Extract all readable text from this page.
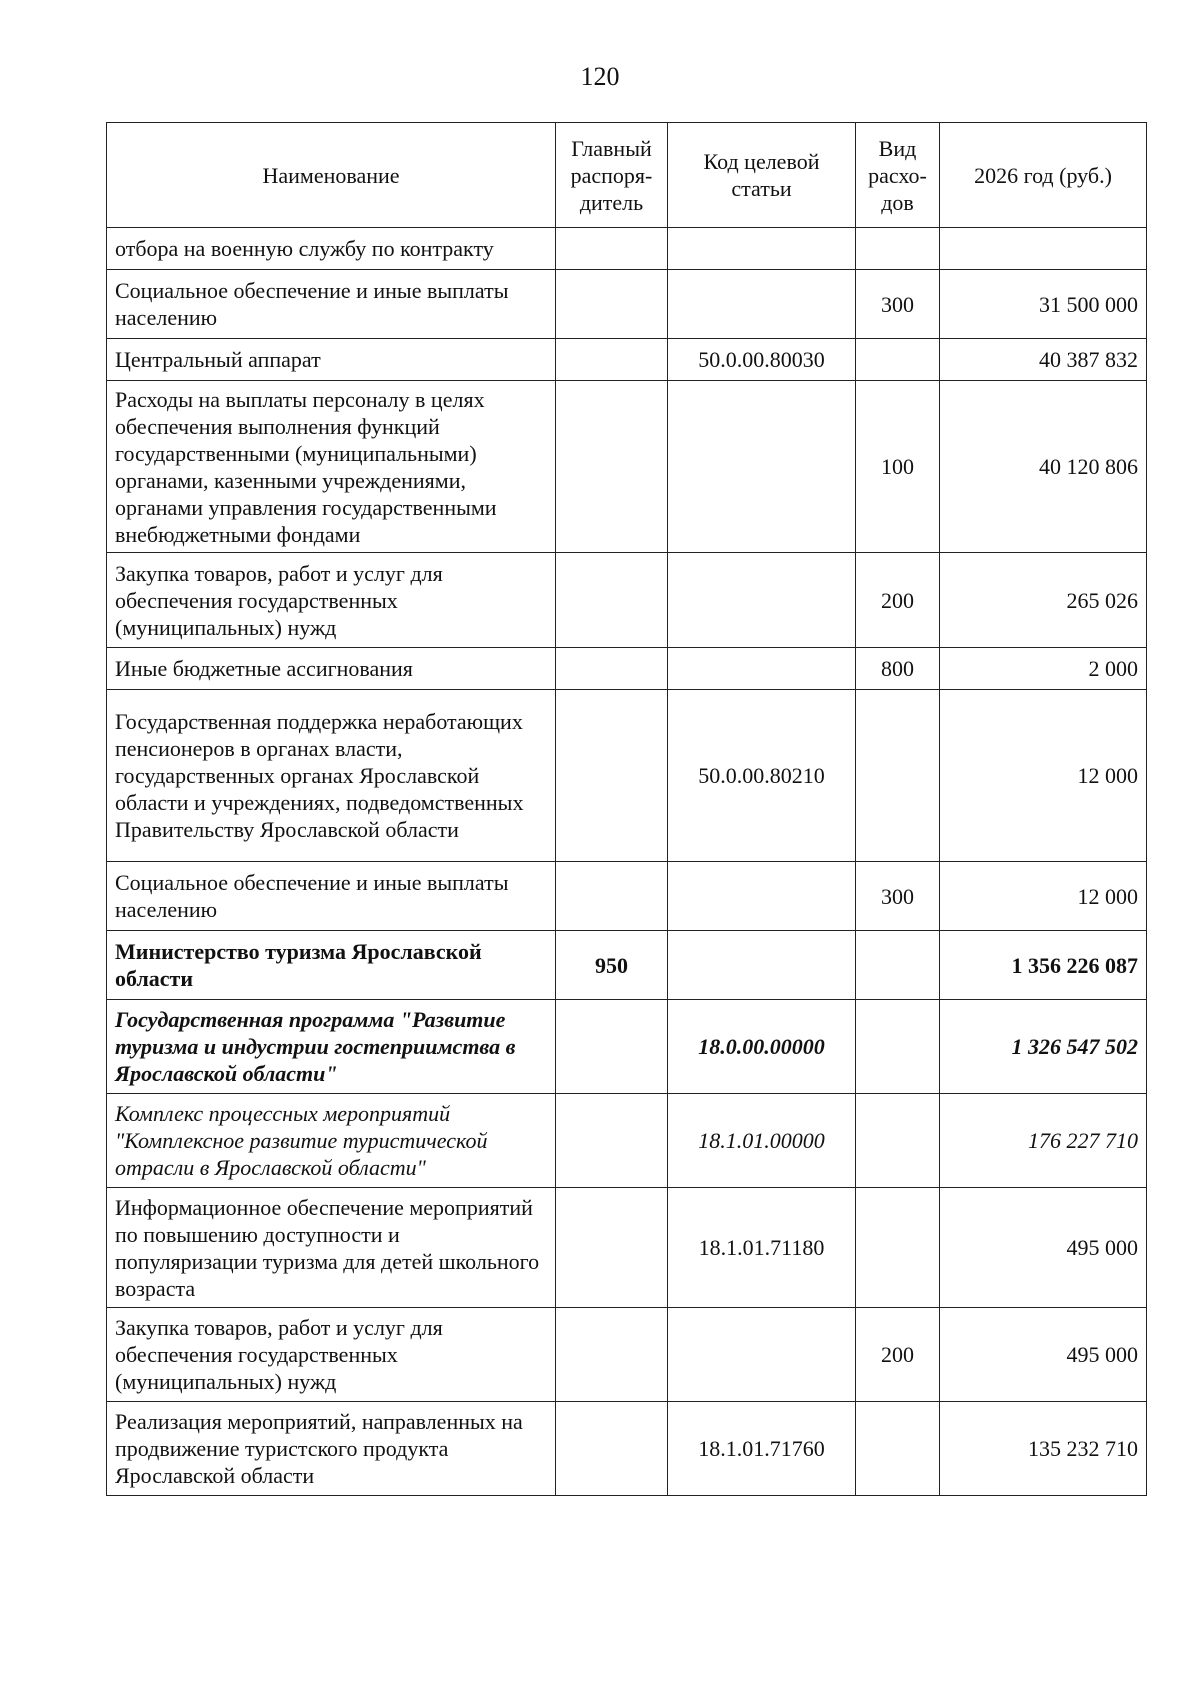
120
Наименование	Главный распоря-дитель	Код целевой статьи	Вид расхо-дов	2026 год (руб.)
отбора на военную службу по контракту				
Социальное обеспечение и иные выплаты населению			300	31 500 000
Центральный аппарат		50.0.00.80030		40 387 832
Расходы на выплаты персоналу в целях обеспечения выполнения функций государственными (муниципальными) органами, казенными учреждениями, органами управления государственными внебюджетными фондами			100	40 120 806
Закупка товаров, работ и услуг для обеспечения государственных (муниципальных) нужд			200	265 026
Иные бюджетные ассигнования			800	2 000
Государственная поддержка неработающих пенсионеров в органах власти, государственных органах Ярославской области и учреждениях, подведомственных Правительству Ярославской области		50.0.00.80210		12 000
Социальное обеспечение и иные выплаты населению			300	12 000
Министерство туризма Ярославской области	950			1 356 226 087
Государственная программа "Развитие туризма и индустрии гостеприимства в Ярославской области"		18.0.00.00000		1 326 547 502
Комплекс процессных мероприятий "Комплексное развитие туристической отрасли в Ярославской области"		18.1.01.00000		176 227 710
Информационное обеспечение мероприятий по повышению доступности и популяризации туризма для детей школьного возраста		18.1.01.71180		495 000
Закупка товаров, работ и услуг для обеспечения государственных (муниципальных) нужд			200	495 000
Реализация мероприятий, направленных на продвижение туристского продукта Ярославской области		18.1.01.71760		135 232 710
